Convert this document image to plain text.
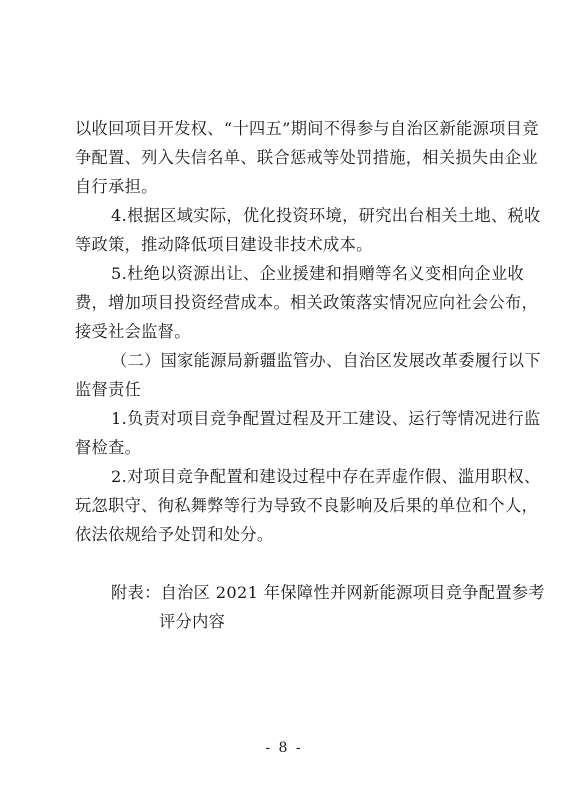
以收回项目开发权、“十四五”期间不得参与自治区新能源项目竞
争配置、列入失信名单、联合惩戒等处罚措施，相关损失由企业
自行承担。
4.根据区域实际，优化投资环境，研究出台相关土地、税收
等政策，推动降低项目建设非技术成本。
5.杜绝以资源出让、企业援建和捐赠等名义变相向企业收
费，增加项目投资经营成本。相关政策落实情况应向社会公布，
接受社会监督。
（二）国家能源局新疆监管办、自治区发展改革委履行以下
监督责任
1.负责对项目竞争配置过程及开工建设、运行等情况进行监
督检查。
2.对项目竞争配置和建设过程中存在弄虚作假、滥用职权、
玩忽职守、徇私舞弊等行为导致不良影响及后果的单位和个人，
依法依规给予处罚和处分。
附表：自治区 2021 年保障性并网新能源项目竞争配置参考
评分内容
- 8 -
